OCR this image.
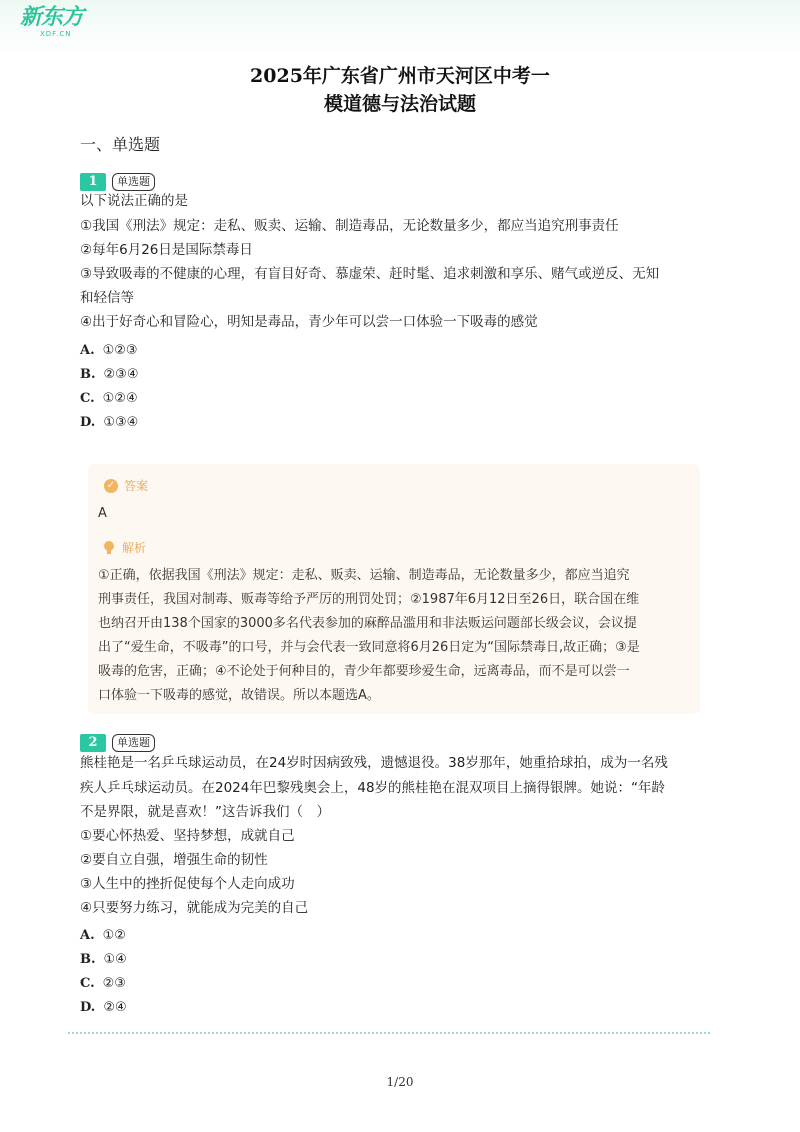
新东方
XDF.CN
2025年广东省广州市天河区中考一
模道德与法治试题
一、单选题
1	单选题
以下说法正确的是
①我国《刑法》规定：走私、贩卖、运输、制造毒品，无论数量多少，都应当追究刑事责任
②每年6月26日是国际禁毒日
③导致吸毒的不健康的心理，有盲目好奇、慕虚荣、赶时髦、追求刺激和享乐、赌气或逆反、无知
和轻信等
④出于好奇心和冒险心，明知是毒品，青少年可以尝一口体验一下吸毒的感觉
A. ①②③
B. ②③④
C. ①②④
D. ①③④
✓ 答案
A
解析
①正确，依据我国《刑法》规定：走私、贩卖、运输、制造毒品，无论数量多少，都应当追究
刑事责任，我国对制毒、贩毒等给予严厉的刑罚处罚；②1987年6月12日至26日，联合国在维
也纳召开由138个国家的3000多名代表参加的麻醉品滥用和非法贩运问题部长级会议，会议提
出了“爱生命，不吸毒”的口号，并与会代表一致同意将6月26日定为“国际禁毒日,故正确；③是
吸毒的危害，正确；④不论处于何种目的，青少年都要珍爱生命，远离毒品，而不是可以尝一
口体验一下吸毒的感觉，故错误。所以本题选A。
2	单选题
熊桂艳是一名乒乓球运动员，在24岁时因病致残，遗憾退役。38岁那年，她重拾球拍，成为一名残
疾人乒乓球运动员。在2024年巴黎残奥会上，48岁的熊桂艳在混双项目上摘得银牌。她说：“年龄
不是界限，就是喜欢！”这告诉我们（　）
①要心怀热爱、坚持梦想，成就自己
②要自立自强，增强生命的韧性
③人生中的挫折促使每个人走向成功
④只要努力练习，就能成为完美的自己
A. ①②
B. ①④
C. ②③
D. ②④
1/20
